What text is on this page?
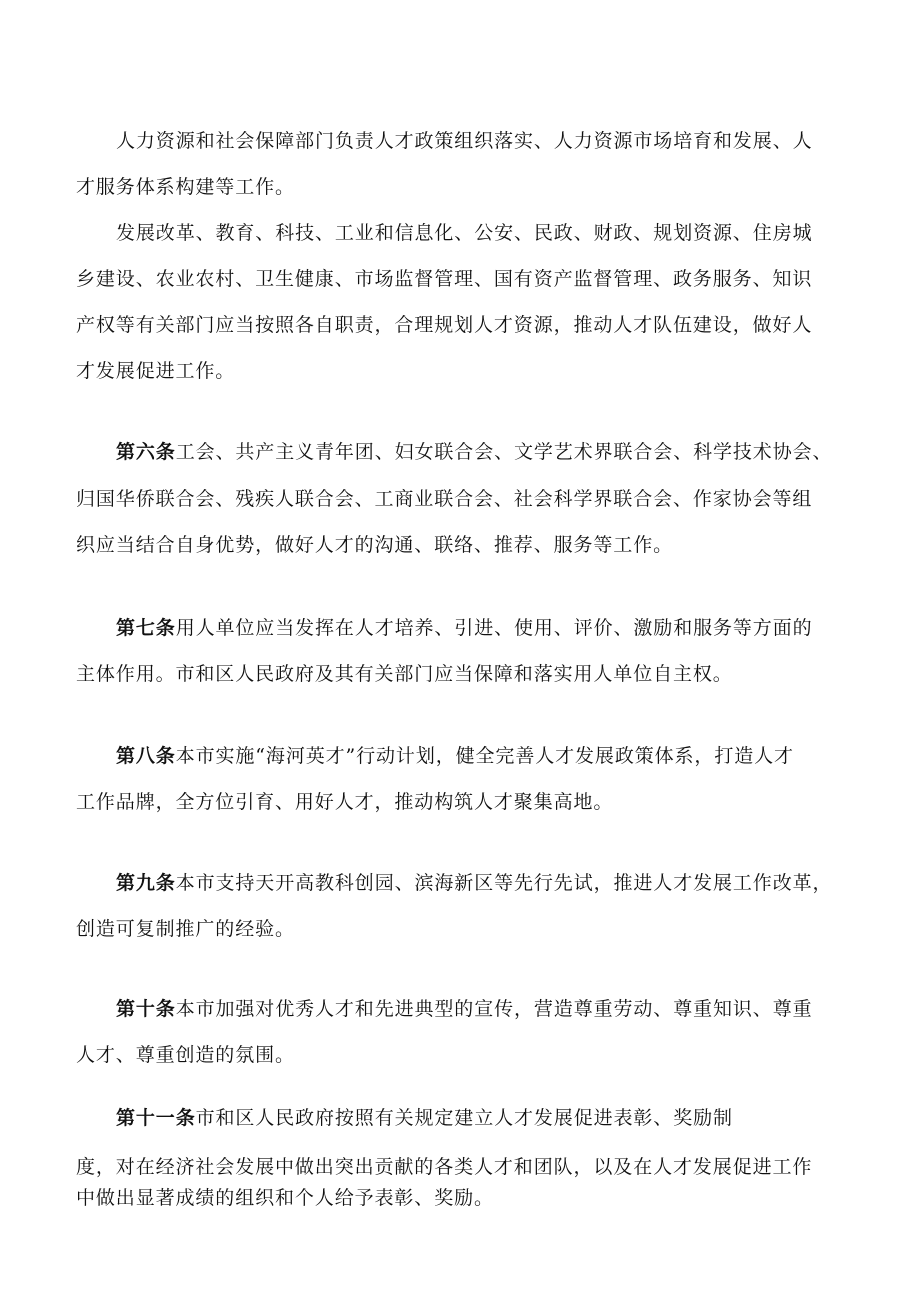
人力资源和社会保障部门负责人才政策组织落实、人力资源市场培育和发展、人

才服务体系构建等工作。

发展改革、教育、科技、工业和信息化、公安、民政、财政、规划资源、住房城

乡建设、农业农村、卫生健康、市场监督管理、国有资产监督管理、政务服务、知识

产权等有关部门应当按照各自职责，合理规划人才资源，推动人才队伍建设，做好人

才发展促进工作。

第六条工会、共产主义青年团、妇女联合会、文学艺术界联合会、科学技术协会、

归国华侨联合会、残疾人联合会、工商业联合会、社会科学界联合会、作家协会等组

织应当结合自身优势，做好人才的沟通、联络、推荐、服务等工作。

第七条用人单位应当发挥在人才培养、引进、使用、评价、激励和服务等方面的

主体作用。市和区人民政府及其有关部门应当保障和落实用人单位自主权。

第八条本市实施“海河英才”行动计划，健全完善人才发展政策体系，打造人才

工作品牌，全方位引育、用好人才，推动构筑人才聚集高地。

第九条本市支持天开高教科创园、滨海新区等先行先试，推进人才发展工作改革，

创造可复制推广的经验。

第十条本市加强对优秀人才和先进典型的宣传，营造尊重劳动、尊重知识、尊重

人才、尊重创造的氛围。

第十一条市和区人民政府按照有关规定建立人才发展促进表彰、奖励制

度，对在经济社会发展中做出突出贡献的各类人才和团队，以及在人才发展促进工作

中做出显著成绩的组织和个人给予表彰、奖励。
